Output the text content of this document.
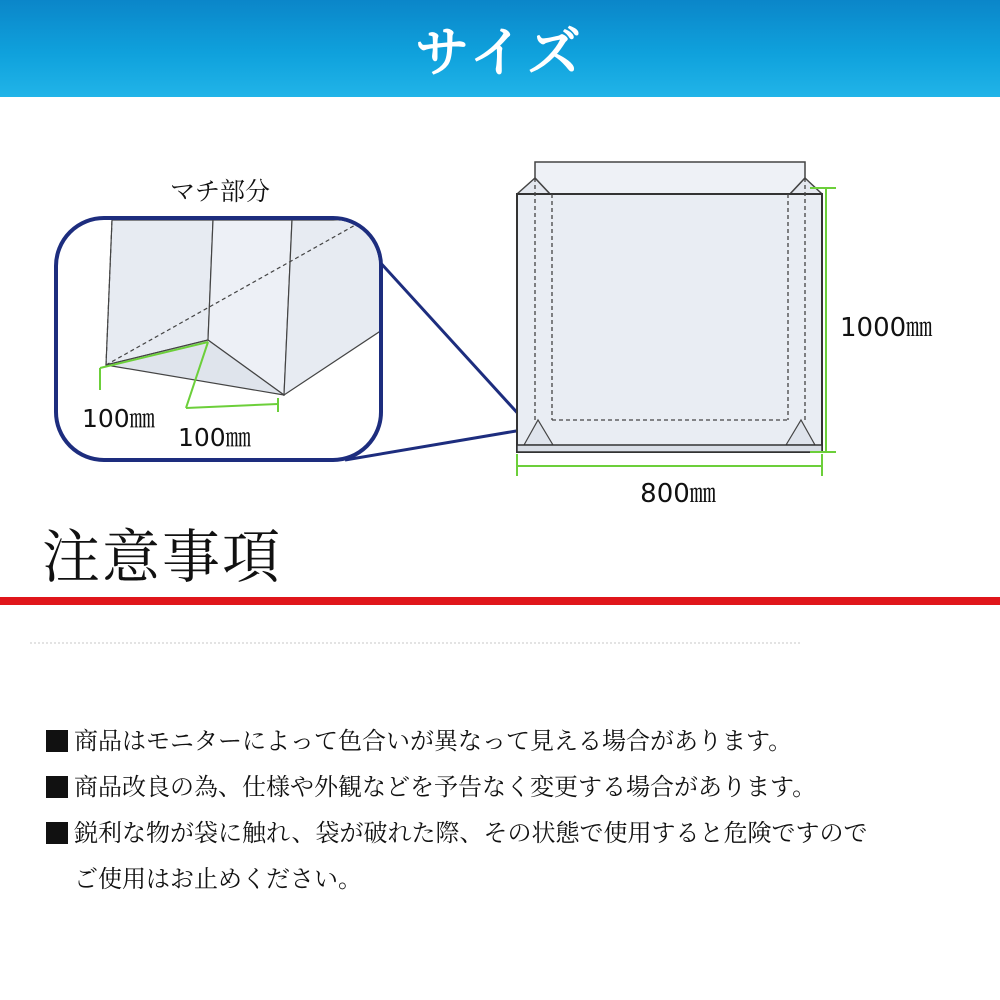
サイズ
マチ部分
100㎜
100㎜
1000㎜
800㎜
注意事項
商品はモニターによって色合いが異なって見える場合があります。
商品改良の為、仕様や外観などを予告なく変更する場合があります。
鋭利な物が袋に触れ、袋が破れた際、その状態で使用すると危険ですので
ご使用はお止めください。
